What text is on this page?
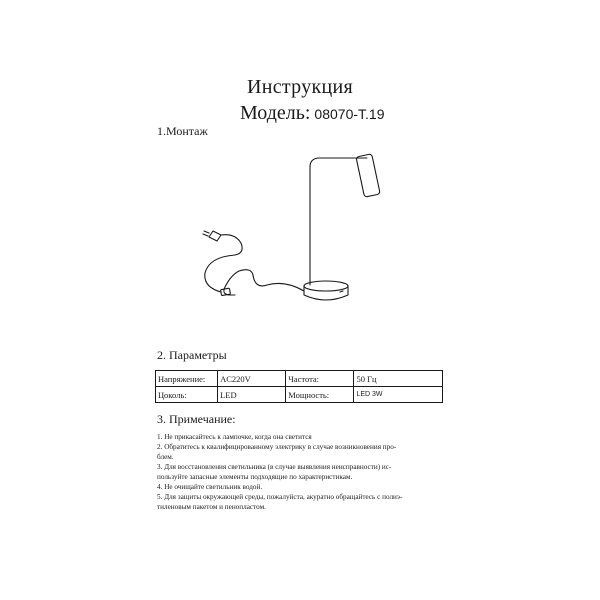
Инструкция
Модель: 08070-T.19
1.Монтаж
2. Параметры
Напряжение:	AC220V	Частота:	50 Гц
Цоколь:	LED	Мощность:	LED 3W
3. Примечание:
1. Не прикасайтесь к лампочке, когда она светится
2. Обратитесь к квалифицированному электрику в случае возникновения про-
блем.
3. Для восстановления светильника (в случае выявления неисправности) ис-
пользуйте запасные элементы подходящие по характеристикам.
4. Не очищайте светильник водой.
5. Для защиты окружающей среды, пожалуйста, акуратно обращайтесь с полиэ-
тиленовым пакетом и пенопластом.
